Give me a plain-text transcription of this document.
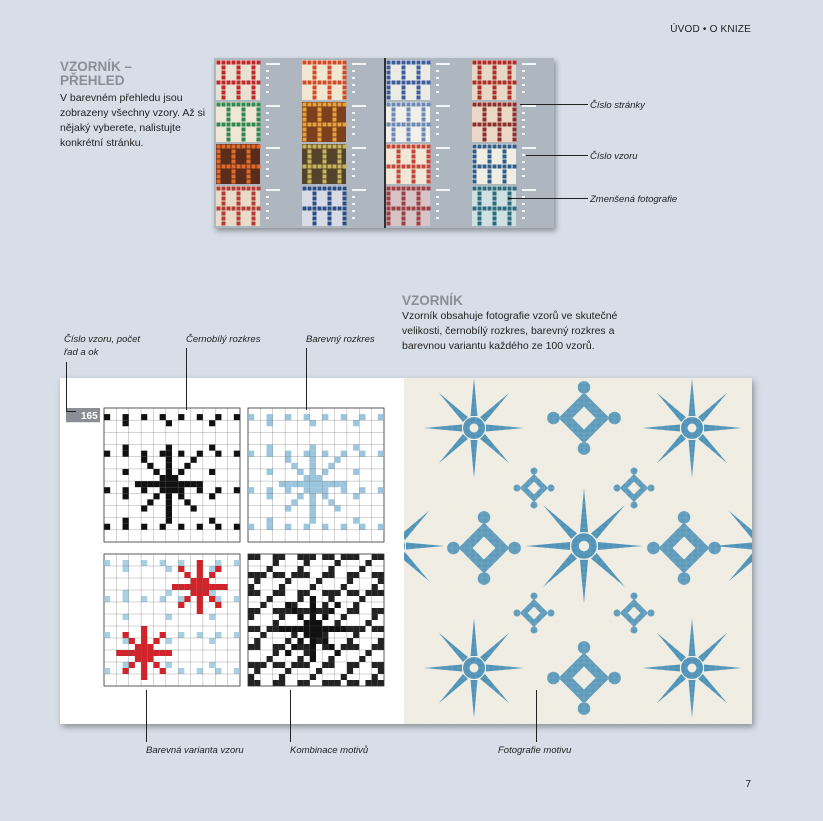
ÚVOD • O KNIZE
VZORNÍK – PŘEHLED
V barevném přehledu jsou zobrazeny všechny vzory. Až si nějaký vyberete, nalistujte konkrétní stránku.
Číslo stránky
Číslo vzoru
Zmenšená fotografie
VZORNÍK
Vzorník obsahuje fotografie vzorů ve skutečné velikosti, černobílý rozkres, barevný rozkres a barevnou variantu každého ze 100 vzorů.
Číslo vzoru, počet řad a ok
Černobílý rozkres	Barevný rozkres
165
Barevná varianta vzoru	Kombinace motivů	Fotografie motivu
7
